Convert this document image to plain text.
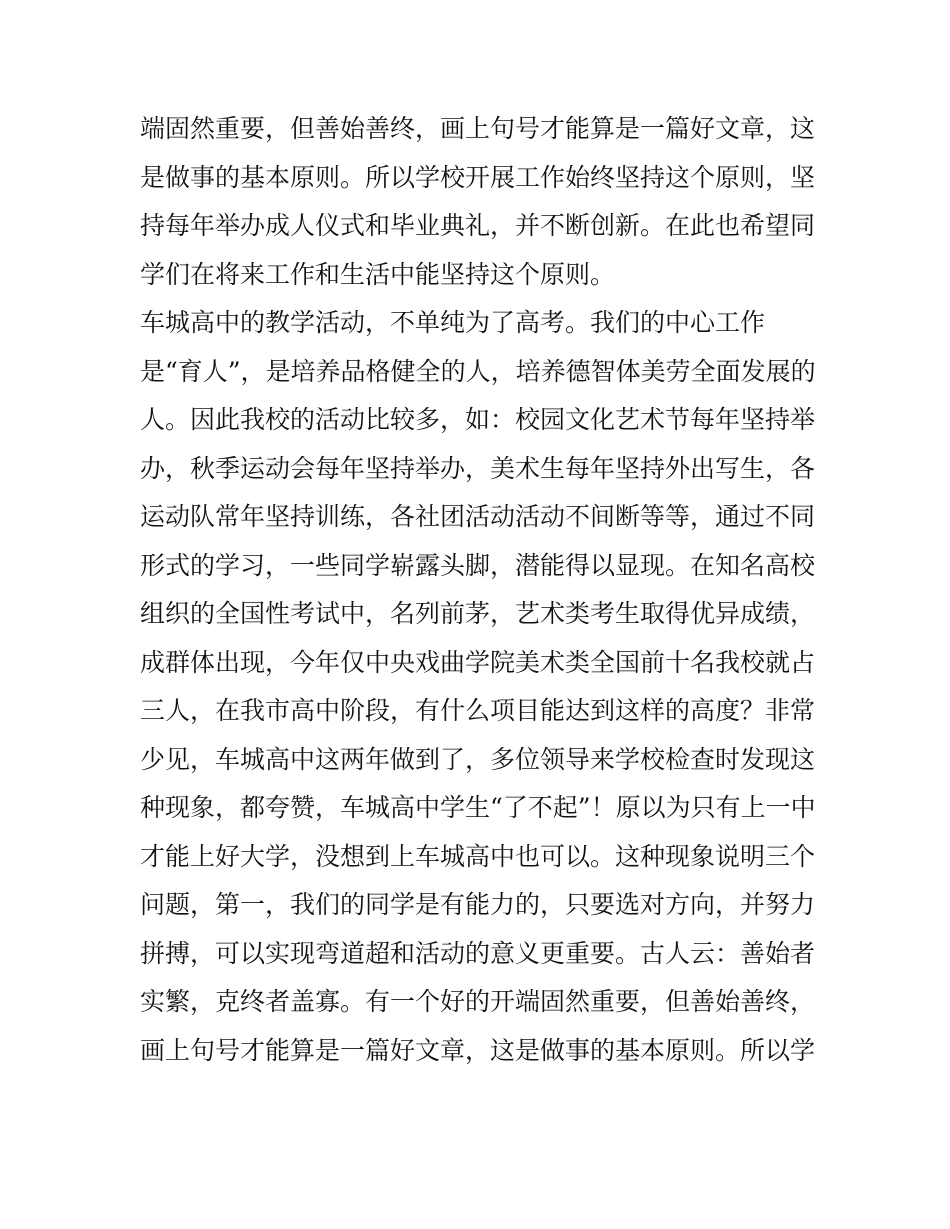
端固然重要，但善始善终，画上句号才能算是一篇好文章，这
是做事的基本原则。所以学校开展工作始终坚持这个原则，坚
持每年举办成人仪式和毕业典礼，并不断创新。在此也希望同
学们在将来工作和生活中能坚持这个原则。
车城高中的教学活动，不单纯为了高考。我们的中心工作
是“育人”，是培养品格健全的人，培养德智体美劳全面发展的
人。因此我校的活动比较多，如：校园文化艺术节每年坚持举
办，秋季运动会每年坚持举办，美术生每年坚持外出写生，各
运动队常年坚持训练，各社团活动活动不间断等等，通过不同
形式的学习，一些同学崭露头脚，潜能得以显现。在知名高校
组织的全国性考试中，名列前茅，艺术类考生取得优异成绩，
成群体出现，今年仅中央戏曲学院美术类全国前十名我校就占
三人，在我市高中阶段，有什么项目能达到这样的高度？非常
少见，车城高中这两年做到了，多位领导来学校检查时发现这
种现象，都夸赞，车城高中学生“了不起”！原以为只有上一中
才能上好大学，没想到上车城高中也可以。这种现象说明三个
问题，第一，我们的同学是有能力的，只要选对方向，并努力
拼搏，可以实现弯道超和活动的意义更重要。古人云：善始者
实繁，克终者盖寡。有一个好的开端固然重要，但善始善终，
画上句号才能算是一篇好文章，这是做事的基本原则。所以学
